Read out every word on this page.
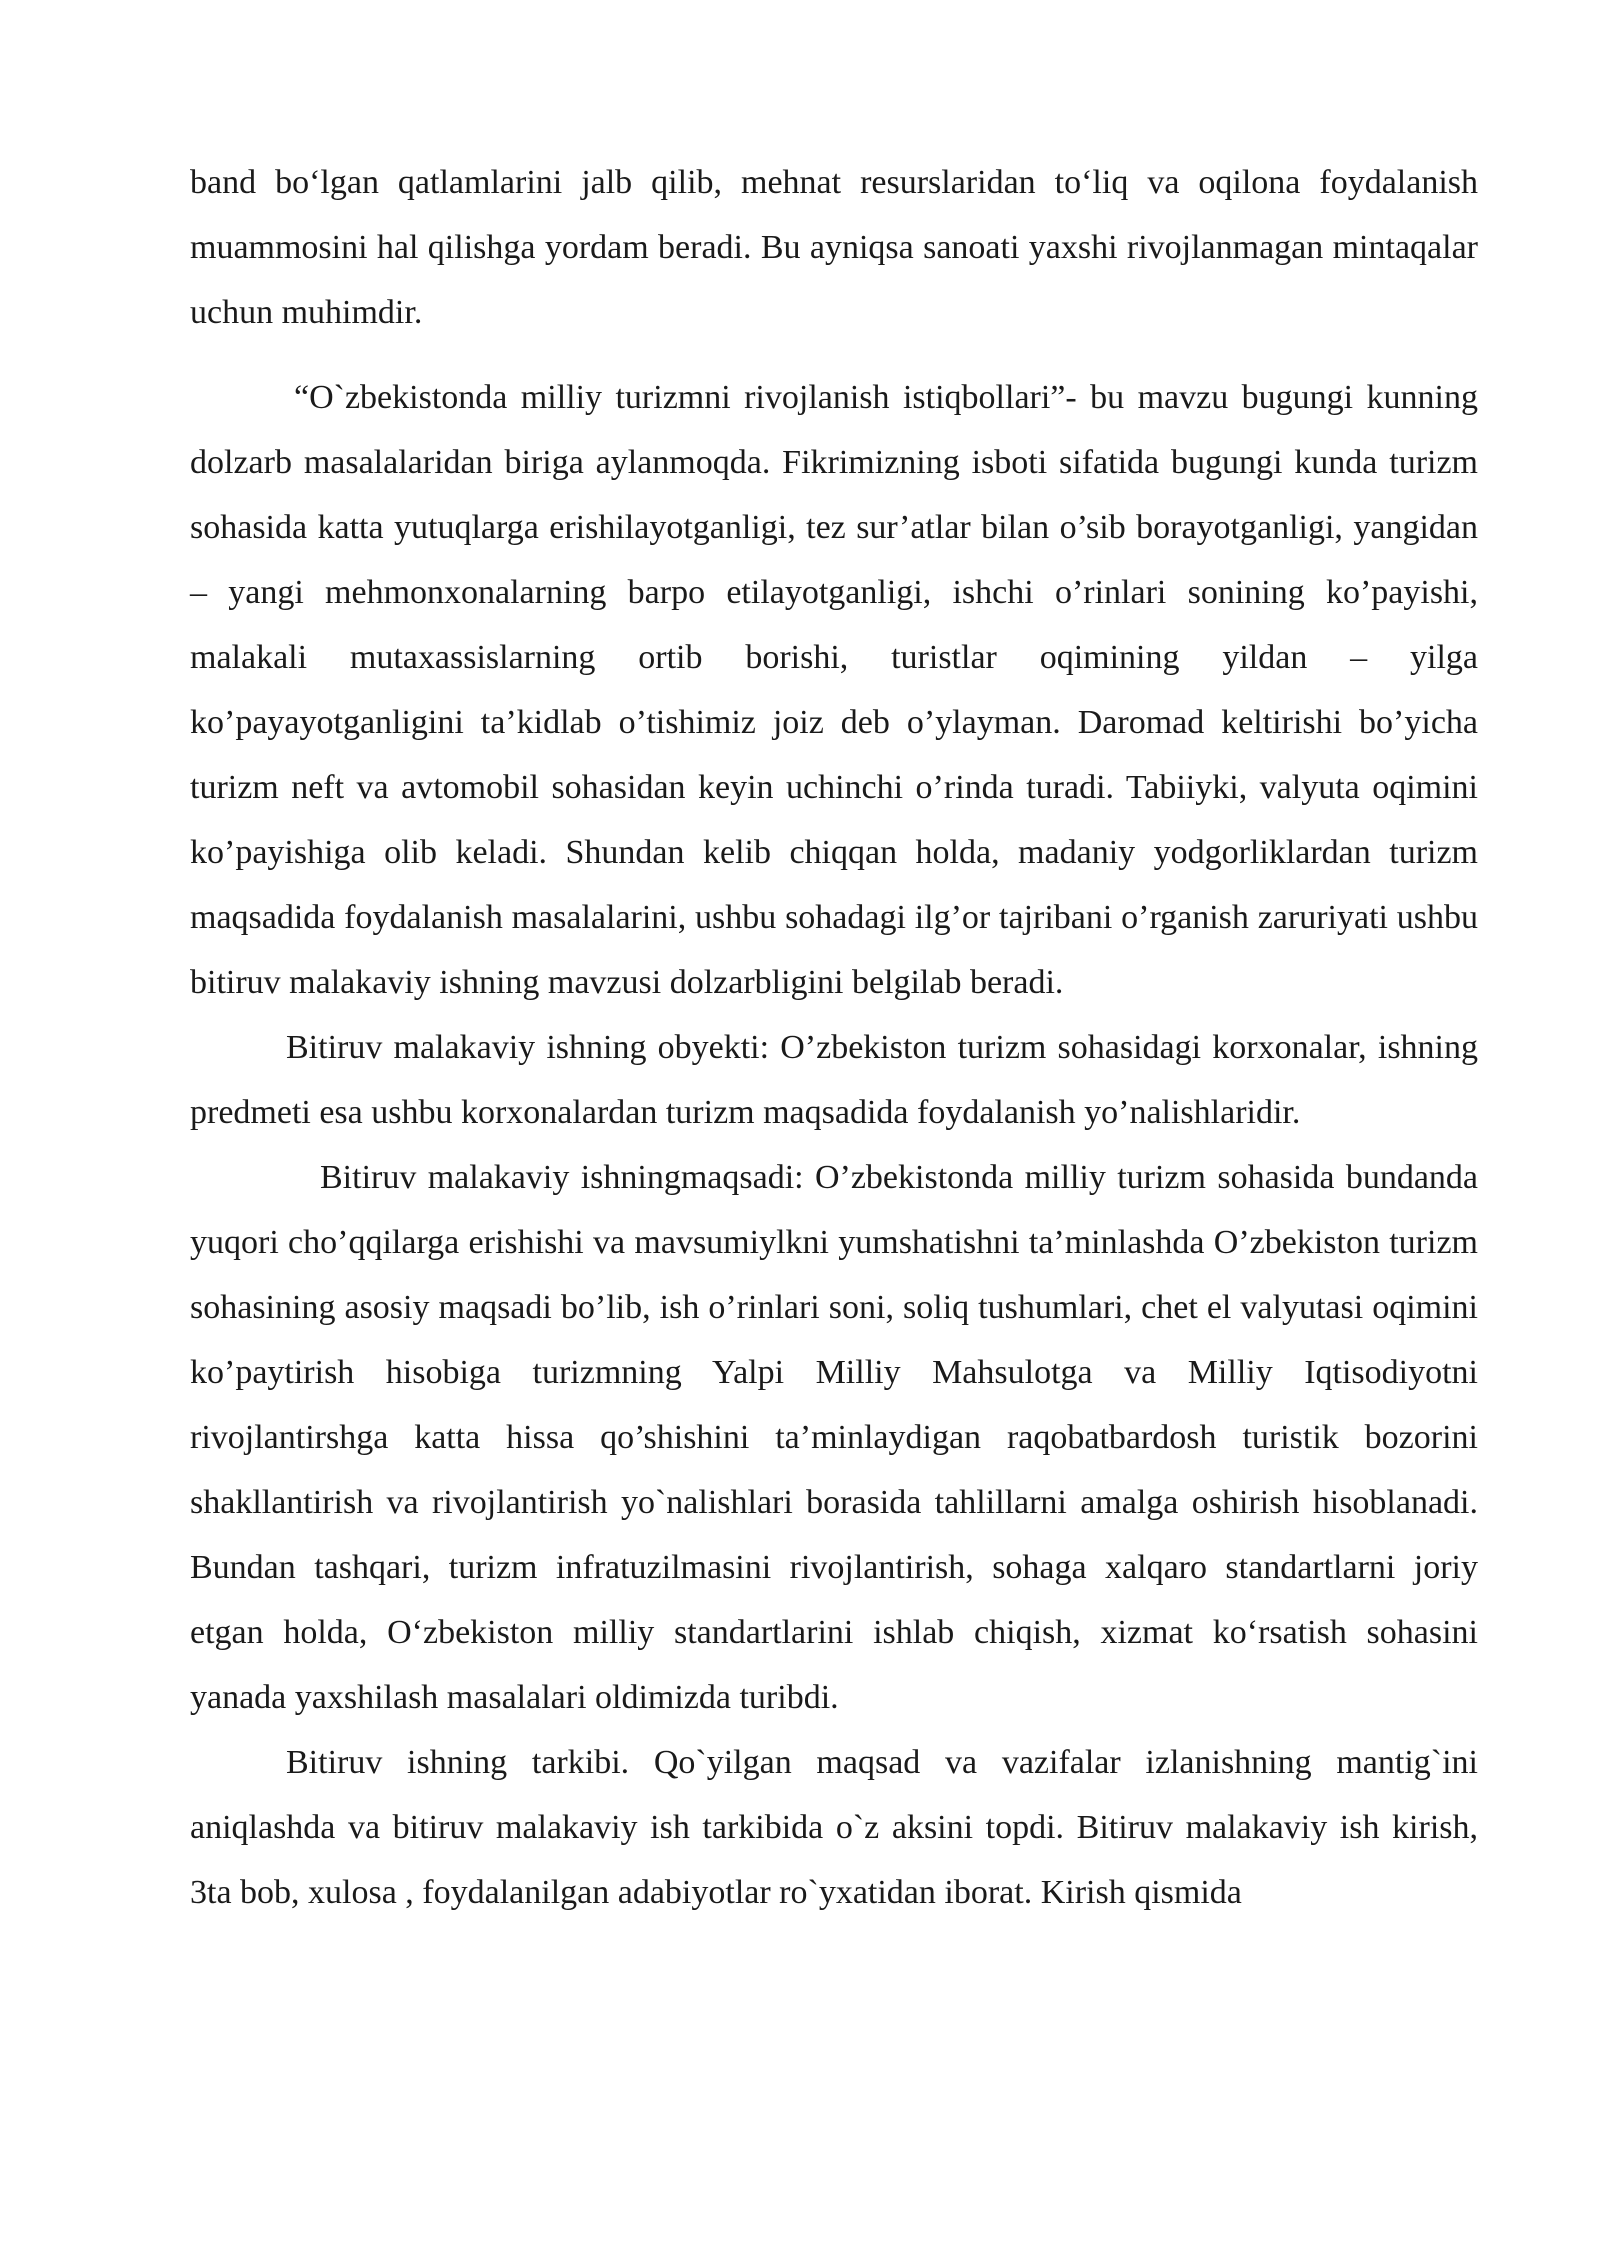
band bo‘lgan qatlamlarini jalb qilib, mehnat resurslaridan to‘liq va oqilona foydalanish muammosini hal qilishga yordam beradi. Bu ayniqsa sanoati yaxshi rivojlanmagan mintaqalar uchun muhimdir.

“O`zbekistonda milliy turizmni rivojlanish istiqbollari”- bu mavzu bugungi kunning dolzarb masalalaridan biriga aylanmoqda. Fikrimizning isboti sifatida bugungi kunda turizm sohasida katta yutuqlarga erishilayotganligi, tez sur’atlar bilan o’sib borayotganligi, yangidan – yangi mehmonxonalarning barpo etilayotganligi, ishchi o’rinlari sonining ko’payishi, malakali mutaxassislarning ortib borishi, turistlar oqimining yildan – yilga ko’payayotganligini ta’kidlab o’tishimiz joiz deb o’ylayman. Daromad keltirishi bo’yicha turizm neft va avtomobil sohasidan keyin uchinchi o’rinda turadi. Tabiiyki, valyuta oqimini ko’payishiga olib keladi. Shundan kelib chiqqan holda, madaniy yodgorliklardan turizm maqsadida foydalanish masalalarini, ushbu sohadagi ilg’or tajribani o’rganish zaruriyati ushbu bitiruv malakaviy ishning mavzusi dolzarbligini belgilab beradi.

Bitiruv malakaviy ishning obyekti: O’zbekiston turizm sohasidagi korxonalar, ishning predmeti esa ushbu korxonalardan turizm maqsadida foydalanish yo’nalishlaridir.

Bitiruv malakaviy ishningmaqsadi: O’zbekistonda milliy turizm sohasida bundanda yuqori cho’qqilarga erishishi va mavsumiylkni yumshatishni ta’minlashda O’zbekiston turizm sohasining asosiy maqsadi bo’lib, ish o’rinlari soni, soliq tushumlari, chet el valyutasi oqimini ko’paytirish hisobiga turizmning Yalpi Milliy Mahsulotga va Milliy Iqtisodiyotni rivojlantirshga katta hissa qo’shishini ta’minlaydigan raqobatbardosh turistik bozorini shakllantirish va rivojlantirish yo`nalishlari borasida tahlillarni amalga oshirish hisoblanadi. Bundan tashqari, turizm infratuzilmasini rivojlantirish, sohaga xalqaro standartlarni joriy etgan holda, O‘zbekiston milliy standartlarini ishlab chiqish, xizmat ko‘rsatish sohasini yanada yaxshilash masalalari oldimizda turibdi.

Bitiruv ishning tarkibi. Qo`yilgan maqsad va vazifalar izlanishning mantig`ini aniqlashda va bitiruv malakaviy ish tarkibida o`z aksini topdi. Bitiruv malakaviy ish kirish, 3ta bob, xulosa , foydalanilgan adabiyotlar ro`yxatidan iborat. Kirish qismida
